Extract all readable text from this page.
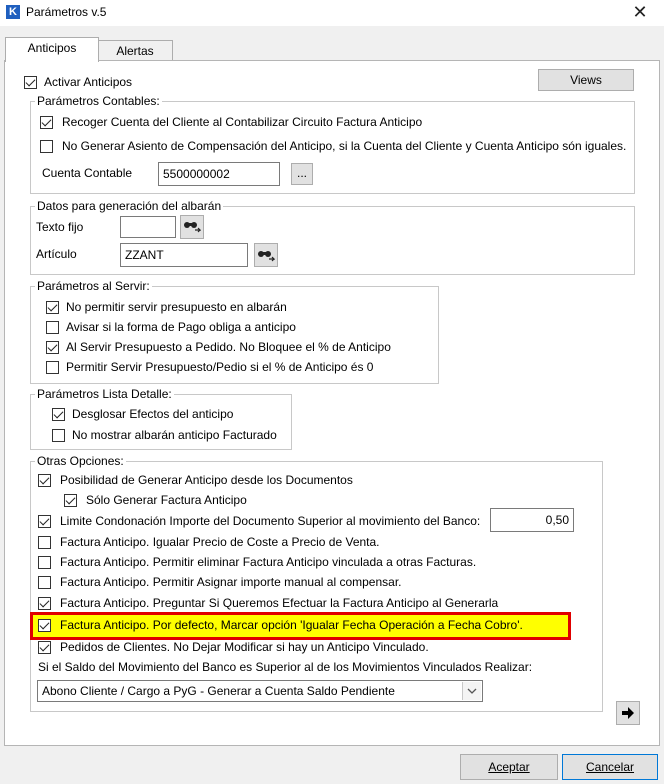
K Parámetros v.5	✕
Anticipos	Alertas
Activar Anticipos	Views
Parámetros Contables:
Recoger Cuenta del Cliente al Contabilizar Circuito Factura Anticipo
No Generar Asiento de Compensación del Anticipo, si la Cuenta del Cliente y Cuenta Anticipo són iguales.
Cuenta Contable	5500000002	...
Datos para generación del albarán
Texto fijo
Artículo	ZZANT
Parámetros al Servir:
No permitir servir presupuesto en albarán
Avisar si la forma de Pago obliga a anticipo
Al Servir Presupuesto a Pedido. No Bloquee el % de Anticipo
Permitir Servir Presupuesto/Pedio si el % de Anticipo és 0
Parámetros Lista Detalle:
Desglosar Efectos del anticipo
No mostrar albarán anticipo Facturado
Otras Opciones:
Posibilidad de Generar Anticipo desde los Documentos
Sólo Generar Factura Anticipo
Limite Condonación Importe del Documento Superior al movimiento del Banco:	0,50
Factura Anticipo. Igualar Precio de Coste a Precio de Venta.
Factura Anticipo. Permitir eliminar Factura Anticipo vinculada a otras Facturas.
Factura Anticipo. Permitir Asignar importe manual al compensar.
Factura Anticipo. Preguntar Si Queremos Efectuar la Factura Anticipo al Generarla
Factura Anticipo. Por defecto, Marcar opción 'Igualar Fecha Operación a Fecha Cobro'.
Pedidos de Clientes. No Dejar Modificar si hay un Anticipo Vinculado.
Si el Saldo del Movimiento del Banco es Superior al de los Movimientos Vinculados Realizar:
Abono Cliente / Cargo a PyG - Generar a Cuenta Saldo Pendiente
Aceptar	Cancelar
